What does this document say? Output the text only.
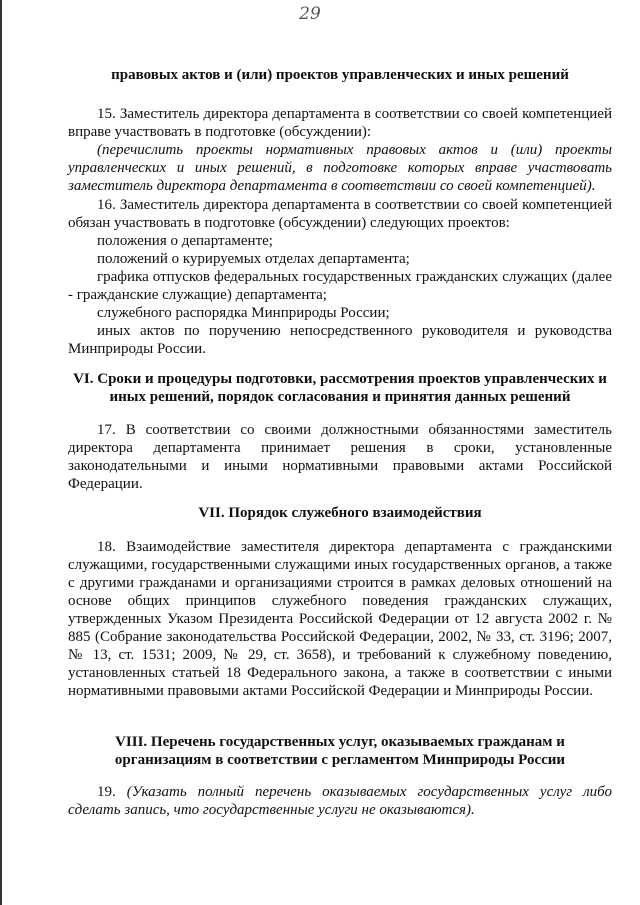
29
правовых актов и (или) проектов управленческих и иных решений
15. Заместитель директора департамента в соответствии со своей компетенцией вправе участвовать в подготовке (обсуждении):
(перечислить проекты нормативных правовых актов и (или) проекты управленческих и иных решений, в подготовке которых вправе участвовать заместитель директора департамента в соответствии со своей компетенцией).
16. Заместитель директора департамента в соответствии со своей компетенцией обязан участвовать в подготовке (обсуждении) следующих проектов:
положения о департаменте;
положений о курируемых отделах департамента;
графика отпусков федеральных государственных гражданских служащих (далее - гражданские служащие) департамента;
служебного распорядка Минприроды России;
иных актов по поручению непосредственного руководителя и руководства Минприроды России.
VI. Сроки и процедуры подготовки, рассмотрения проектов управленческих и иных решений, порядок согласования и принятия данных решений
17. В соответствии со своими должностными обязанностями заместитель директора департамента принимает решения в сроки, установленные законодательными и иными нормативными правовыми актами Российской Федерации.
VII. Порядок служебного взаимодействия
18. Взаимодействие заместителя директора департамента с гражданскими служащими, государственными служащими иных государственных органов, а также с другими гражданами и организациями строится в рамках деловых отношений на основе общих принципов служебного поведения гражданских служащих, утвержденных Указом Президента Российской Федерации от 12 августа 2002 г. № 885 (Собрание законодательства Российской Федерации, 2002, № 33, ст. 3196; 2007, № 13, ст. 1531; 2009, № 29, ст. 3658), и требований к служебному поведению, установленных статьей 18 Федерального закона, а также в соответствии с иными нормативными правовыми актами Российской Федерации и Минприроды России.
VIII. Перечень государственных услуг, оказываемых гражданам и организациям в соответствии с регламентом Минприроды России
19. (Указать полный перечень оказываемых государственных услуг либо сделать запись, что государственные услуги не оказываются).
